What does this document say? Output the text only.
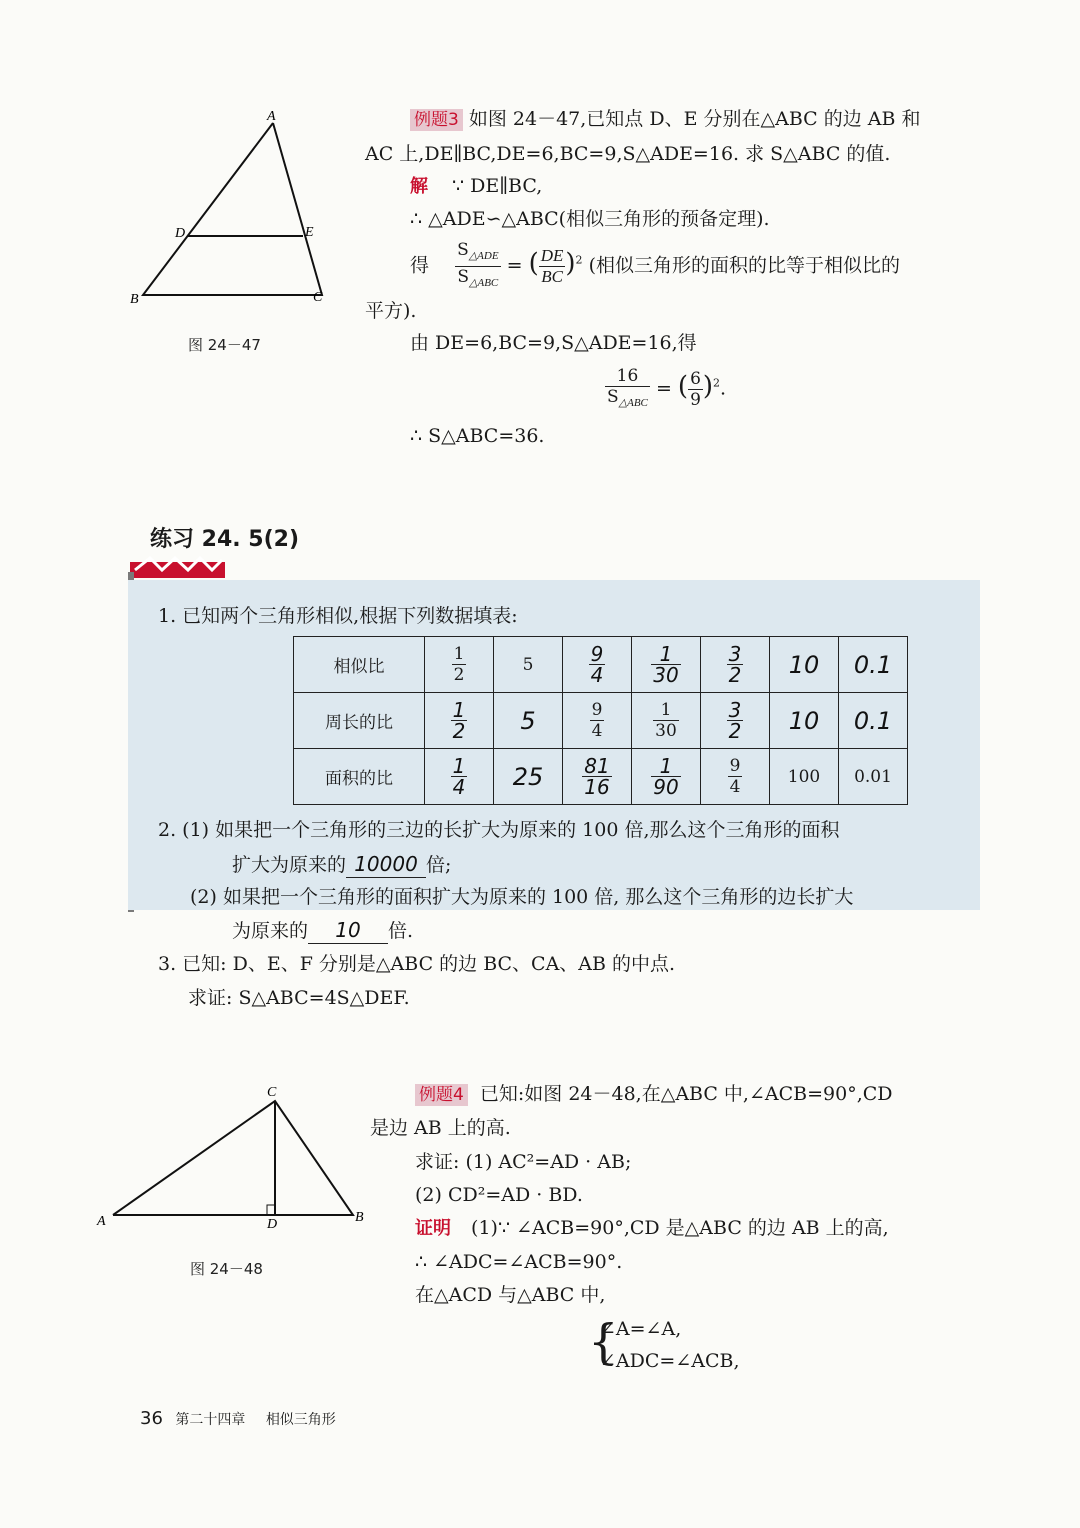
A
D	E
B	C
图 24－47
例题3 如图 24－47,已知点 D、E 分别在△ABC 的边 AB 和
AC 上,DE∥BC,DE=6,BC=9,S△ADE=16. 求 S△ABC 的值.
解 ∵ DE∥BC,
∴ △ADE∽△ABC(相似三角形的预备定理).
得 $\frac{S_{\triangle ADE}}{S_{\triangle ABC}}$ = ( $\frac{DE}{BC} )^2$ (相似三角形的面积的比等于相似比的
平方).
由 DE=6,BC=9,S△ADE=16,得
$\frac{16}{S_{\triangle ABC}}$ = ( $\frac{6}{9} )^2$.
∴ S△ABC=36.
练习 24. 5(2)
1. 已知两个三角形相似,根据下列数据填表:
相似比	$\frac{1}{2}$	5	$\frac{9}{4}$	$\frac{1}{30}$	$\frac{3}{2}$	10	0.1
周长的比	$\frac{1}{2}$	5	$\frac{9}{4}$	$\frac{1}{30}$	$\frac{3}{2}$	10	0.1
面积的比	$\frac{1}{4}$	25	$\frac{81}{16}$	$\frac{1}{90}$	$\frac{9}{4}$	100	0.01
2. (1) 如果把一个三角形的三边的长扩大为原来的 100 倍,那么这个三角形的面积
扩大为原来的 10000 倍;
(2) 如果把一个三角形的面积扩大为原来的 100 倍, 那么这个三角形的边长扩大
为原来的 10 倍.
3. 已知: D、E、F 分别是△ABC 的边 BC、CA、AB 的中点.
求证: S△ABC=4S△DEF.
C
A	D	B
图 24－48
例题4 已知:如图 24－48,在△ABC 中,∠ACB=90°,CD
是边 AB 上的高.
求证: (1) AC²=AD · AB;
(2) CD²=AD · BD.
证明 (1)∵ ∠ACB=90°,CD 是△ABC 的边 AB 上的高,
∴ ∠ADC=∠ACB=90°.
在△ACD 与△ABC 中,
{
∠A=∠A,
∠ADC=∠ACB,
36 第二十四章 相似三角形
